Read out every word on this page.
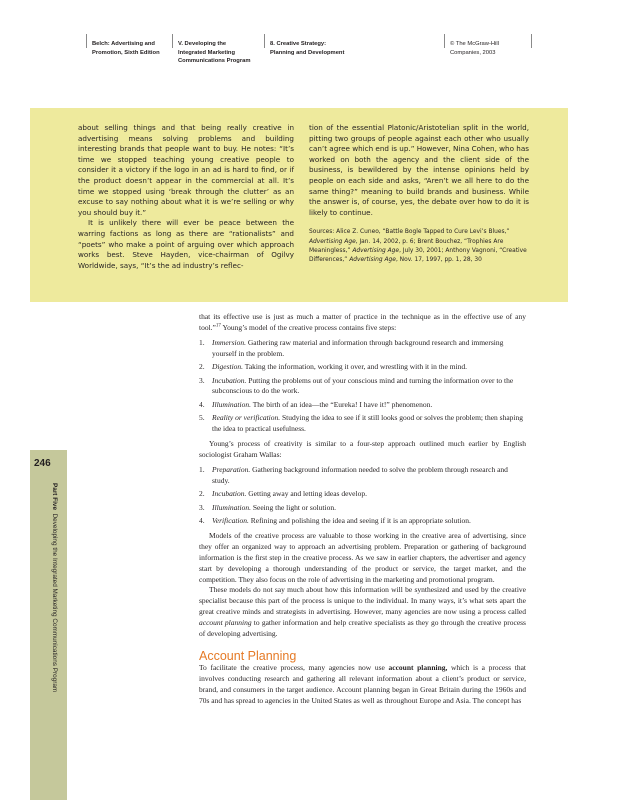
Belch: Advertising and
Promotion, Sixth Edition
V. Developing the
Integrated Marketing
Communications Program
8. Creative Strategy:
Planning and Development
© The McGraw-Hill
Companies, 2003

about selling things and that being really creative in advertising means solving problems and building interesting brands that people want to buy. He notes: “It’s time we stopped teaching young creative people to consider it a victory if the logo in an ad is hard to find, or if the product doesn’t appear in the commercial at all. It’s time we stopped using ‘break through the clutter’ as an excuse to say nothing about what it is we’re selling or why you should buy it.”

It is unlikely there will ever be peace between the warring factions as long as there are “rationalists” and “poets” who make a point of arguing over which approach works best. Steve Hayden, vice-chairman of Ogilvy Worldwide, says, “It’s the ad industry’s reflec-

tion of the essential Platonic/Aristotelian split in the world, pitting two groups of people against each other who usually can’t agree which end is up.” However, Nina Cohen, who has worked on both the agency and the client side of the business, is bewildered by the intense opinions held by people on each side and asks, “Aren’t we all here to do the same thing?” meaning to build brands and business. While the answer is, of course, yes, the debate over how to do it is likely to continue.

Sources: Alice Z. Cuneo, “Battle Bogle Tapped to Cure Levi’s Blues,” Advertising Age, Jan. 14, 2002, p. 6; Brent Bouchez, “Trophies Are Meaningless,” Advertising Age, July 30, 2001; Anthony Vagnoni, “Creative Differences,” Advertising Age, Nov. 17, 1997, pp. 1, 28, 30

246
Part Five  Developing the Integrated Marketing Communications Program

that its effective use is just as much a matter of practice in the technique as in the effective use of any tool.”$^{17}$ Young’s model of the creative process contains five steps:

1. Immersion. Gathering raw material and information through background research and immersing yourself in the problem.
2. Digestion. Taking the information, working it over, and wrestling with it in the mind.
3. Incubation. Putting the problems out of your conscious mind and turning the information over to the subconscious to do the work.
4. Illumination. The birth of an idea—the “Eureka! I have it!” phenomenon.
5. Reality or verification. Studying the idea to see if it still looks good or solves the problem; then shaping the idea to practical usefulness.

Young’s process of creativity is similar to a four-step approach outlined much earlier by English sociologist Graham Wallas:

1. Preparation. Gathering background information needed to solve the problem through research and study.
2. Incubation. Getting away and letting ideas develop.
3. Illumination. Seeing the light or solution.
4. Verification. Refining and polishing the idea and seeing if it is an appropriate solution.

Models of the creative process are valuable to those working in the creative area of advertising, since they offer an organized way to approach an advertising problem. Preparation or gathering of background information is the first step in the creative process. As we saw in earlier chapters, the advertiser and agency start by developing a thorough understanding of the product or service, the target market, and the competition. They also focus on the role of advertising in the marketing and promotional program.

These models do not say much about how this information will be synthesized and used by the creative specialist because this part of the process is unique to the individual. In many ways, it’s what sets apart the great creative minds and strategists in advertising. However, many agencies are now using a process called account planning to gather information and help creative specialists as they go through the creative process of developing advertising.

Account Planning

To facilitate the creative process, many agencies now use account planning, which is a process that involves conducting research and gathering all relevant information about a client’s product or service, brand, and consumers in the target audience. Account planning began in Great Britain during the 1960s and 70s and has spread to agencies in the United States as well as throughout Europe and Asia. The concept has
